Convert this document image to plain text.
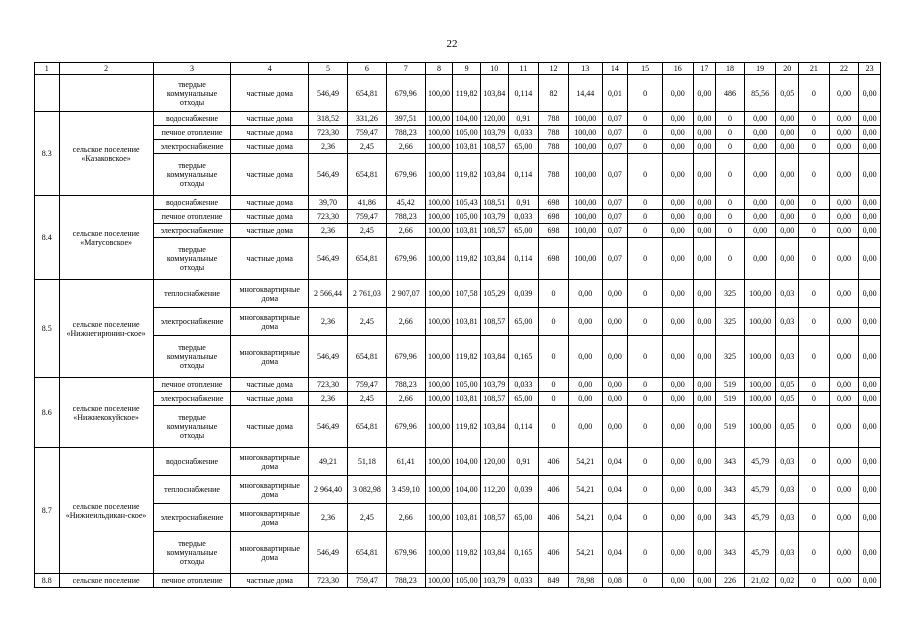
22
1	2	3	4	5	6	7	8	9	10	11	12	13	14	15	16	17	18	19	20	21	22	23
		твердые коммунальные отходы	частные дома	546,49	654,81	679,96	100,00	119,82	103,84	0,114	82	14,44	0,01	0	0,00	0,00	486	85,56	0,05	0	0,00	0,00
8.3	сельское поселение «Казаковское»	водоснабжение	частные дома	318,52	331,26	397,51	100,00	104,00	120,00	0,91	788	100,00	0,07	0	0,00	0,00	0	0,00	0,00	0	0,00	0,00
		печное отопление	частные дома	723,30	759,47	788,23	100,00	105,00	103,79	0,033	788	100,00	0,07	0	0,00	0,00	0	0,00	0,00	0	0,00	0,00
		электроснабжение	частные дома	2,36	2,45	2,66	100,00	103,81	108,57	65,00	788	100,00	0,07	0	0,00	0,00	0	0,00	0,00	0	0,00	0,00
		твердые коммунальные отходы	частные дома	546,49	654,81	679,96	100,00	119,82	103,84	0,114	788	100,00	0,07	0	0,00	0,00	0	0,00	0,00	0	0,00	0,00
8.4	сельское поселение «Матусовское»	водоснабжение	частные дома	39,70	41,86	45,42	100,00	105,43	108,51	0,91	698	100,00	0,07	0	0,00	0,00	0	0,00	0,00	0	0,00	0,00
		печное отопление	частные дома	723,30	759,47	788,23	100,00	105,00	103,79	0,033	698	100,00	0,07	0	0,00	0,00	0	0,00	0,00	0	0,00	0,00
		электроснабжение	частные дома	2,36	2,45	2,66	100,00	103,81	108,57	65,00	698	100,00	0,07	0	0,00	0,00	0	0,00	0,00	0	0,00	0,00
		твердые коммунальные отходы	частные дома	546,49	654,81	679,96	100,00	119,82	103,84	0,114	698	100,00	0,07	0	0,00	0,00	0	0,00	0,00	0	0,00	0,00
8.5	сельское поселение «Нижнегирюнин-ское»	теплоснабжение	многоквартирные дома	2 566,44	2 761,03	2 907,07	100,00	107,58	105,29	0,039	0	0,00	0,00	0	0,00	0,00	325	100,00	0,03	0	0,00	0,00
		электроснабжение	многоквартирные дома	2,36	2,45	2,66	100,00	103,81	108,57	65,00	0	0,00	0,00	0	0,00	0,00	325	100,00	0,03	0	0,00	0,00
		твердые коммунальные отходы	многоквартирные дома	546,49	654,81	679,96	100,00	119,82	103,84	0,165	0	0,00	0,00	0	0,00	0,00	325	100,00	0,03	0	0,00	0,00
8.6	сельское поселение «Нижнекокуйское»	печное отопление	частные дома	723,30	759,47	788,23	100,00	105,00	103,79	0,033	0	0,00	0,00	0	0,00	0,00	519	100,00	0,05	0	0,00	0,00
		электроснабжение	частные дома	2,36	2,45	2,66	100,00	103,81	108,57	65,00	0	0,00	0,00	0	0,00	0,00	519	100,00	0,05	0	0,00	0,00
		твердые коммунальные отходы	частные дома	546,49	654,81	679,96	100,00	119,82	103,84	0,114	0	0,00	0,00	0	0,00	0,00	519	100,00	0,05	0	0,00	0,00
8.7	сельское поселение «Нижнеильдикан-ское»	водоснабжение	многоквартирные дома	49,21	51,18	61,41	100,00	104,00	120,00	0,91	406	54,21	0,04	0	0,00	0,00	343	45,79	0,03	0	0,00	0,00
		теплоснабжение	многоквартирные дома	2 964,40	3 082,98	3 459,10	100,00	104,00	112,20	0,039	406	54,21	0,04	0	0,00	0,00	343	45,79	0,03	0	0,00	0,00
		электроснабжение	многоквартирные дома	2,36	2,45	2,66	100,00	103,81	108,57	65,00	406	54,21	0,04	0	0,00	0,00	343	45,79	0,03	0	0,00	0,00
		твердые коммунальные отходы	многоквартирные дома	546,49	654,81	679,96	100,00	119,82	103,84	0,165	406	54,21	0,04	0	0,00	0,00	343	45,79	0,03	0	0,00	0,00
8.8	сельское поселение	печное отопление	частные дома	723,30	759,47	788,23	100,00	105,00	103,79	0,033	849	78,98	0,08	0	0,00	0,00	226	21,02	0,02	0	0,00	0,00
